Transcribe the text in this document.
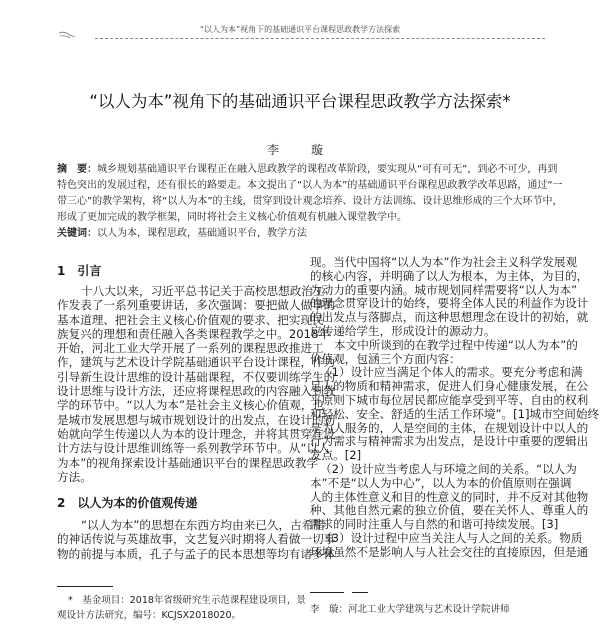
“以人为本”视角下的基础通识平台课程思政教学方法探索
“以人为本”视角下的基础通识平台课程思政教学方法探索*
李　璇
摘　要：城乡规划基础通识平台课程正在融入思政教学的课程改革阶段，要实现从“可有可无”，到必不可少，再到
特色突出的发展过程，还有很长的路要走。本文提出了“以人为本”的基础通识平台课程思政教学改革思路，通过“一
带三心”的教学架构，将“以人为本”的主线，贯穿到设计观念培养、设计方法训练、设计思维形成的三个大环节中，
形成了更加完成的教学框架，同时将社会主义核心价值观有机融入课堂教学中。
关键词：以人为本，课程思政，基础通识平台，教学方法
1　引言
十八大以来，习近平总书记关于高校思想政治工
作发表了一系列重要讲话，多次强调：要把做人做事的
基本道理、把社会主义核心价值观的要求、把实现民
族复兴的理想和责任融入各类课程教学之中。2018年
开始，河北工业大学开展了一系列的课程思政推进工
作，建筑与艺术设计学院基础通识平台设计课程，作为
引导新生设计思维的设计基础课程，不仅要训练学生的
设计思维与设计方法，还应将课程思政的内容融入到教
学的环节中。“以人为本”是社会主义核心价值观，也
是城市发展思想与城市规划设计的出发点，在设计的初
始就向学生传递以人为本的设计理念，并将其贯穿在设
计方法与设计思维训练等一系列教学环节中。从“以人
为本”的视角探索设计基础通识平台的课程思政教学
方法。
2　以人为本的价值观传递
“以人为本”的思想在东西方均由来已久，古希腊
的神话传说与英雄故事，文艺复兴时期将人看做一切事
物的前提与本质，孔子与孟子的民本思想等均有诸多体
现。当代中国将“以人为本”作为社会主义科学发展观
的核心内容，并明确了以人为根本，为主体，为目的，
为动力的重要内涵。城市规划同样需要将“以人为本”
的理念贯穿设计的始终，要将全体人民的利益作为设计
的出发点与落脚点，而这种思想理念在设计的初始，就
应传递给学生，形成设计的源动力。
本文中所谈到的在教学过程中传递“以人为本”的
价值观，包涵三个方面内容：
（1）设计应当满足个体人的需求。要充分考虑和满
足人的物质和精神需求，促进人们身心健康发展，在公
平原则下城市每位居民都应能享受到平等、自由的权利
和轻松、安全、舒适的生活工作环境”。[1]城市空间始终
是为人服务的，人是空间的主体，在规划设计中以人的
行为需求与精神需求为出发点，是设计中重要的逻辑出
发点。[2]
（2）设计应当考虑人与环境之间的关系。“以人为
本”不是“以人为中心”，以人为本的价值原则在强调
人的主体性意义和目的性意义的同时，并不反对其他物
种、其他自然元素的独立价值，要在关怀人、尊重人的
需求的同时注重人与自然的和谐可持续发展。[3]
（3）设计过程中应当关注人与人之间的关系。物质
环境虽然不是影响人与人社会交往的直接原因，但是通
*　基金项目：2018年省级研究生示范课程建设项目，景
观设计方法研究，编号：KCJSX2018020。
李　璇：河北工业大学建筑与艺术设计学院讲师
